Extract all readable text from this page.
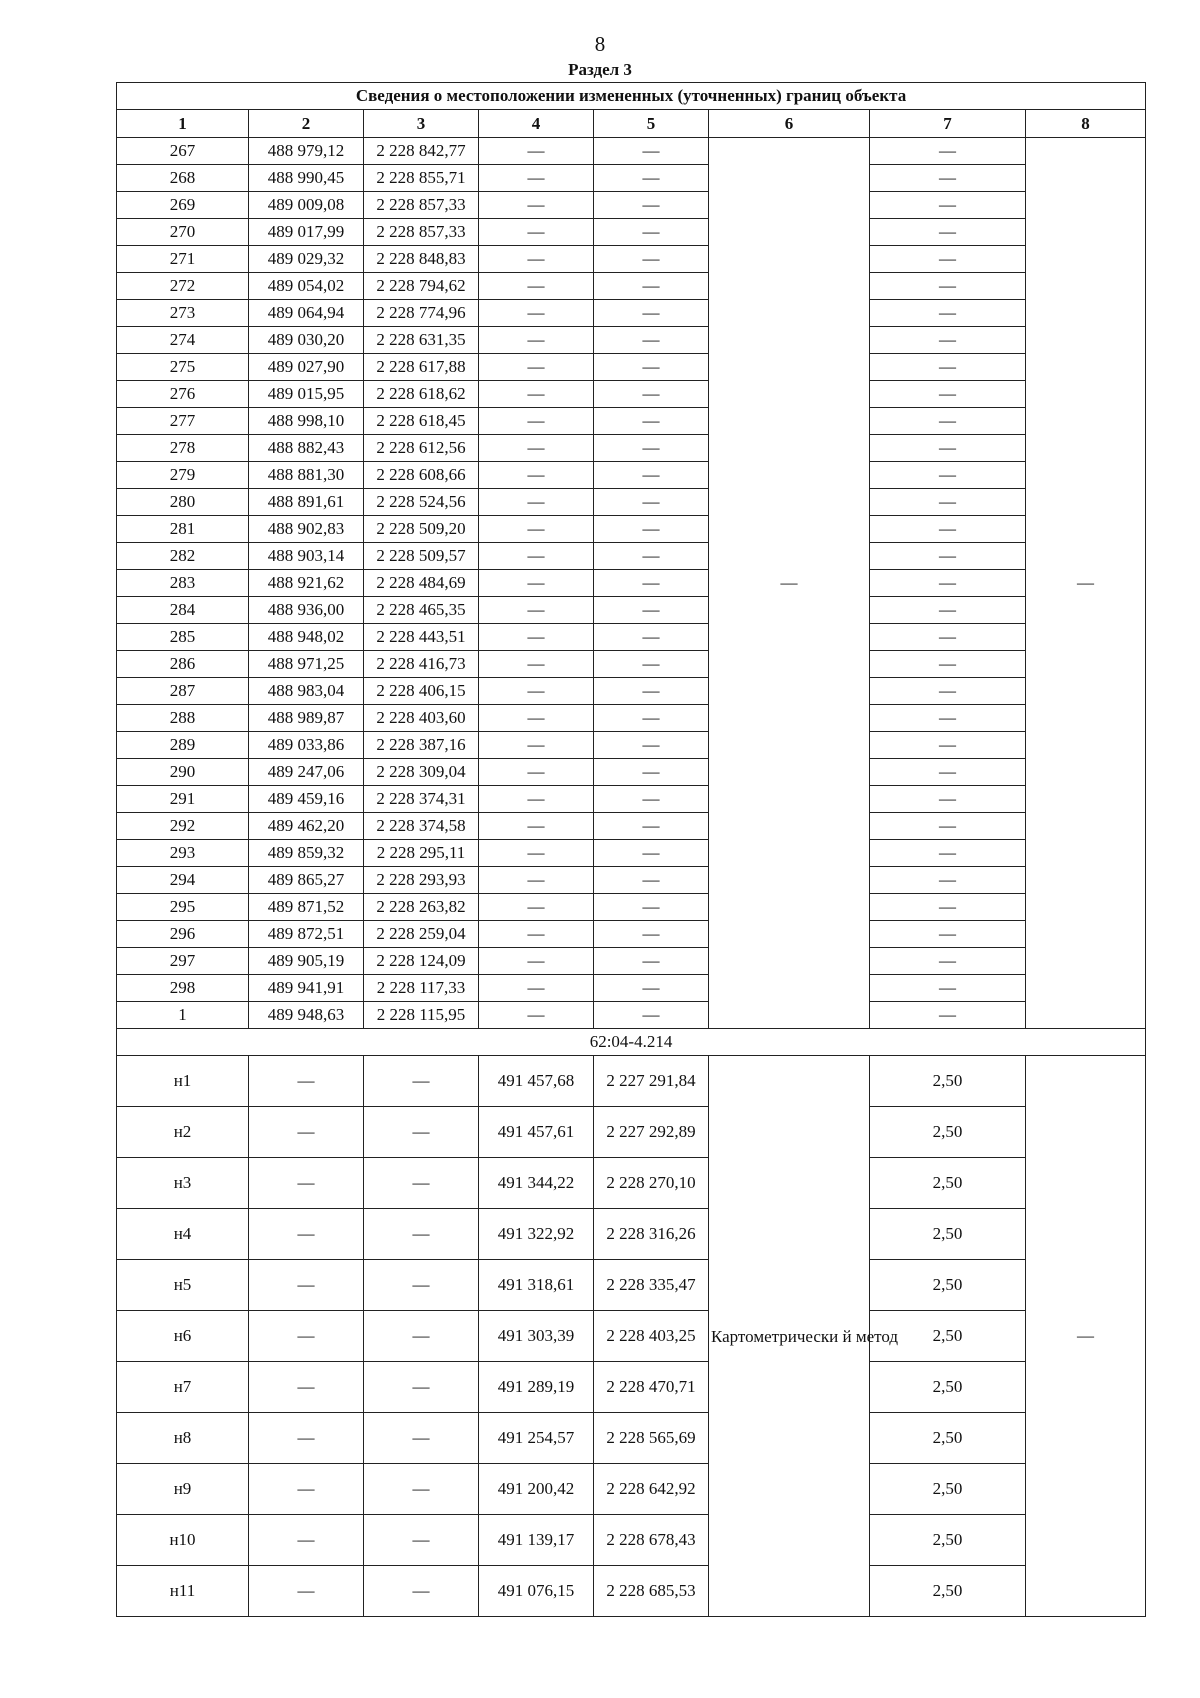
8
Раздел 3
Сведения о местоположении измененных (уточненных) границ объекта							
1	2	3	4	5	6	7	8
267	488 979,12	2 228 842,77	—	—	—	—	—
268	488 990,45	2 228 855,71	—	—		—	
269	489 009,08	2 228 857,33	—	—		—	
270	489 017,99	2 228 857,33	—	—		—	
271	489 029,32	2 228 848,83	—	—		—	
272	489 054,02	2 228 794,62	—	—		—	
273	489 064,94	2 228 774,96	—	—		—	
274	489 030,20	2 228 631,35	—	—		—	
275	489 027,90	2 228 617,88	—	—		—	
276	489 015,95	2 228 618,62	—	—		—	
277	488 998,10	2 228 618,45	—	—		—	
278	488 882,43	2 228 612,56	—	—		—	
279	488 881,30	2 228 608,66	—	—		—	
280	488 891,61	2 228 524,56	—	—		—	
281	488 902,83	2 228 509,20	—	—		—	
282	488 903,14	2 228 509,57	—	—		—	
283	488 921,62	2 228 484,69	—	—		—	
284	488 936,00	2 228 465,35	—	—		—	
285	488 948,02	2 228 443,51	—	—		—	
286	488 971,25	2 228 416,73	—	—		—	
287	488 983,04	2 228 406,15	—	—		—	
288	488 989,87	2 228 403,60	—	—		—	
289	489 033,86	2 228 387,16	—	—		—	
290	489 247,06	2 228 309,04	—	—		—	
291	489 459,16	2 228 374,31	—	—		—	
292	489 462,20	2 228 374,58	—	—		—	
293	489 859,32	2 228 295,11	—	—		—	
294	489 865,27	2 228 293,93	—	—		—	
295	489 871,52	2 228 263,82	—	—		—	
296	489 872,51	2 228 259,04	—	—		—	
297	489 905,19	2 228 124,09	—	—		—	
298	489 941,91	2 228 117,33	—	—		—	
1	489 948,63	2 228 115,95	—	—		—	
62:04-4.214							
н1	—	—	491 457,68	2 227 291,84	Картометрически й метод	2,50	—
н2	—	—	491 457,61	2 227 292,89		2,50	
н3	—	—	491 344,22	2 228 270,10		2,50	
н4	—	—	491 322,92	2 228 316,26		2,50	
н5	—	—	491 318,61	2 228 335,47		2,50	
н6	—	—	491 303,39	2 228 403,25		2,50	
н7	—	—	491 289,19	2 228 470,71		2,50	
н8	—	—	491 254,57	2 228 565,69		2,50	
н9	—	—	491 200,42	2 228 642,92		2,50	
н10	—	—	491 139,17	2 228 678,43		2,50	
н11	—	—	491 076,15	2 228 685,53		2,50	
